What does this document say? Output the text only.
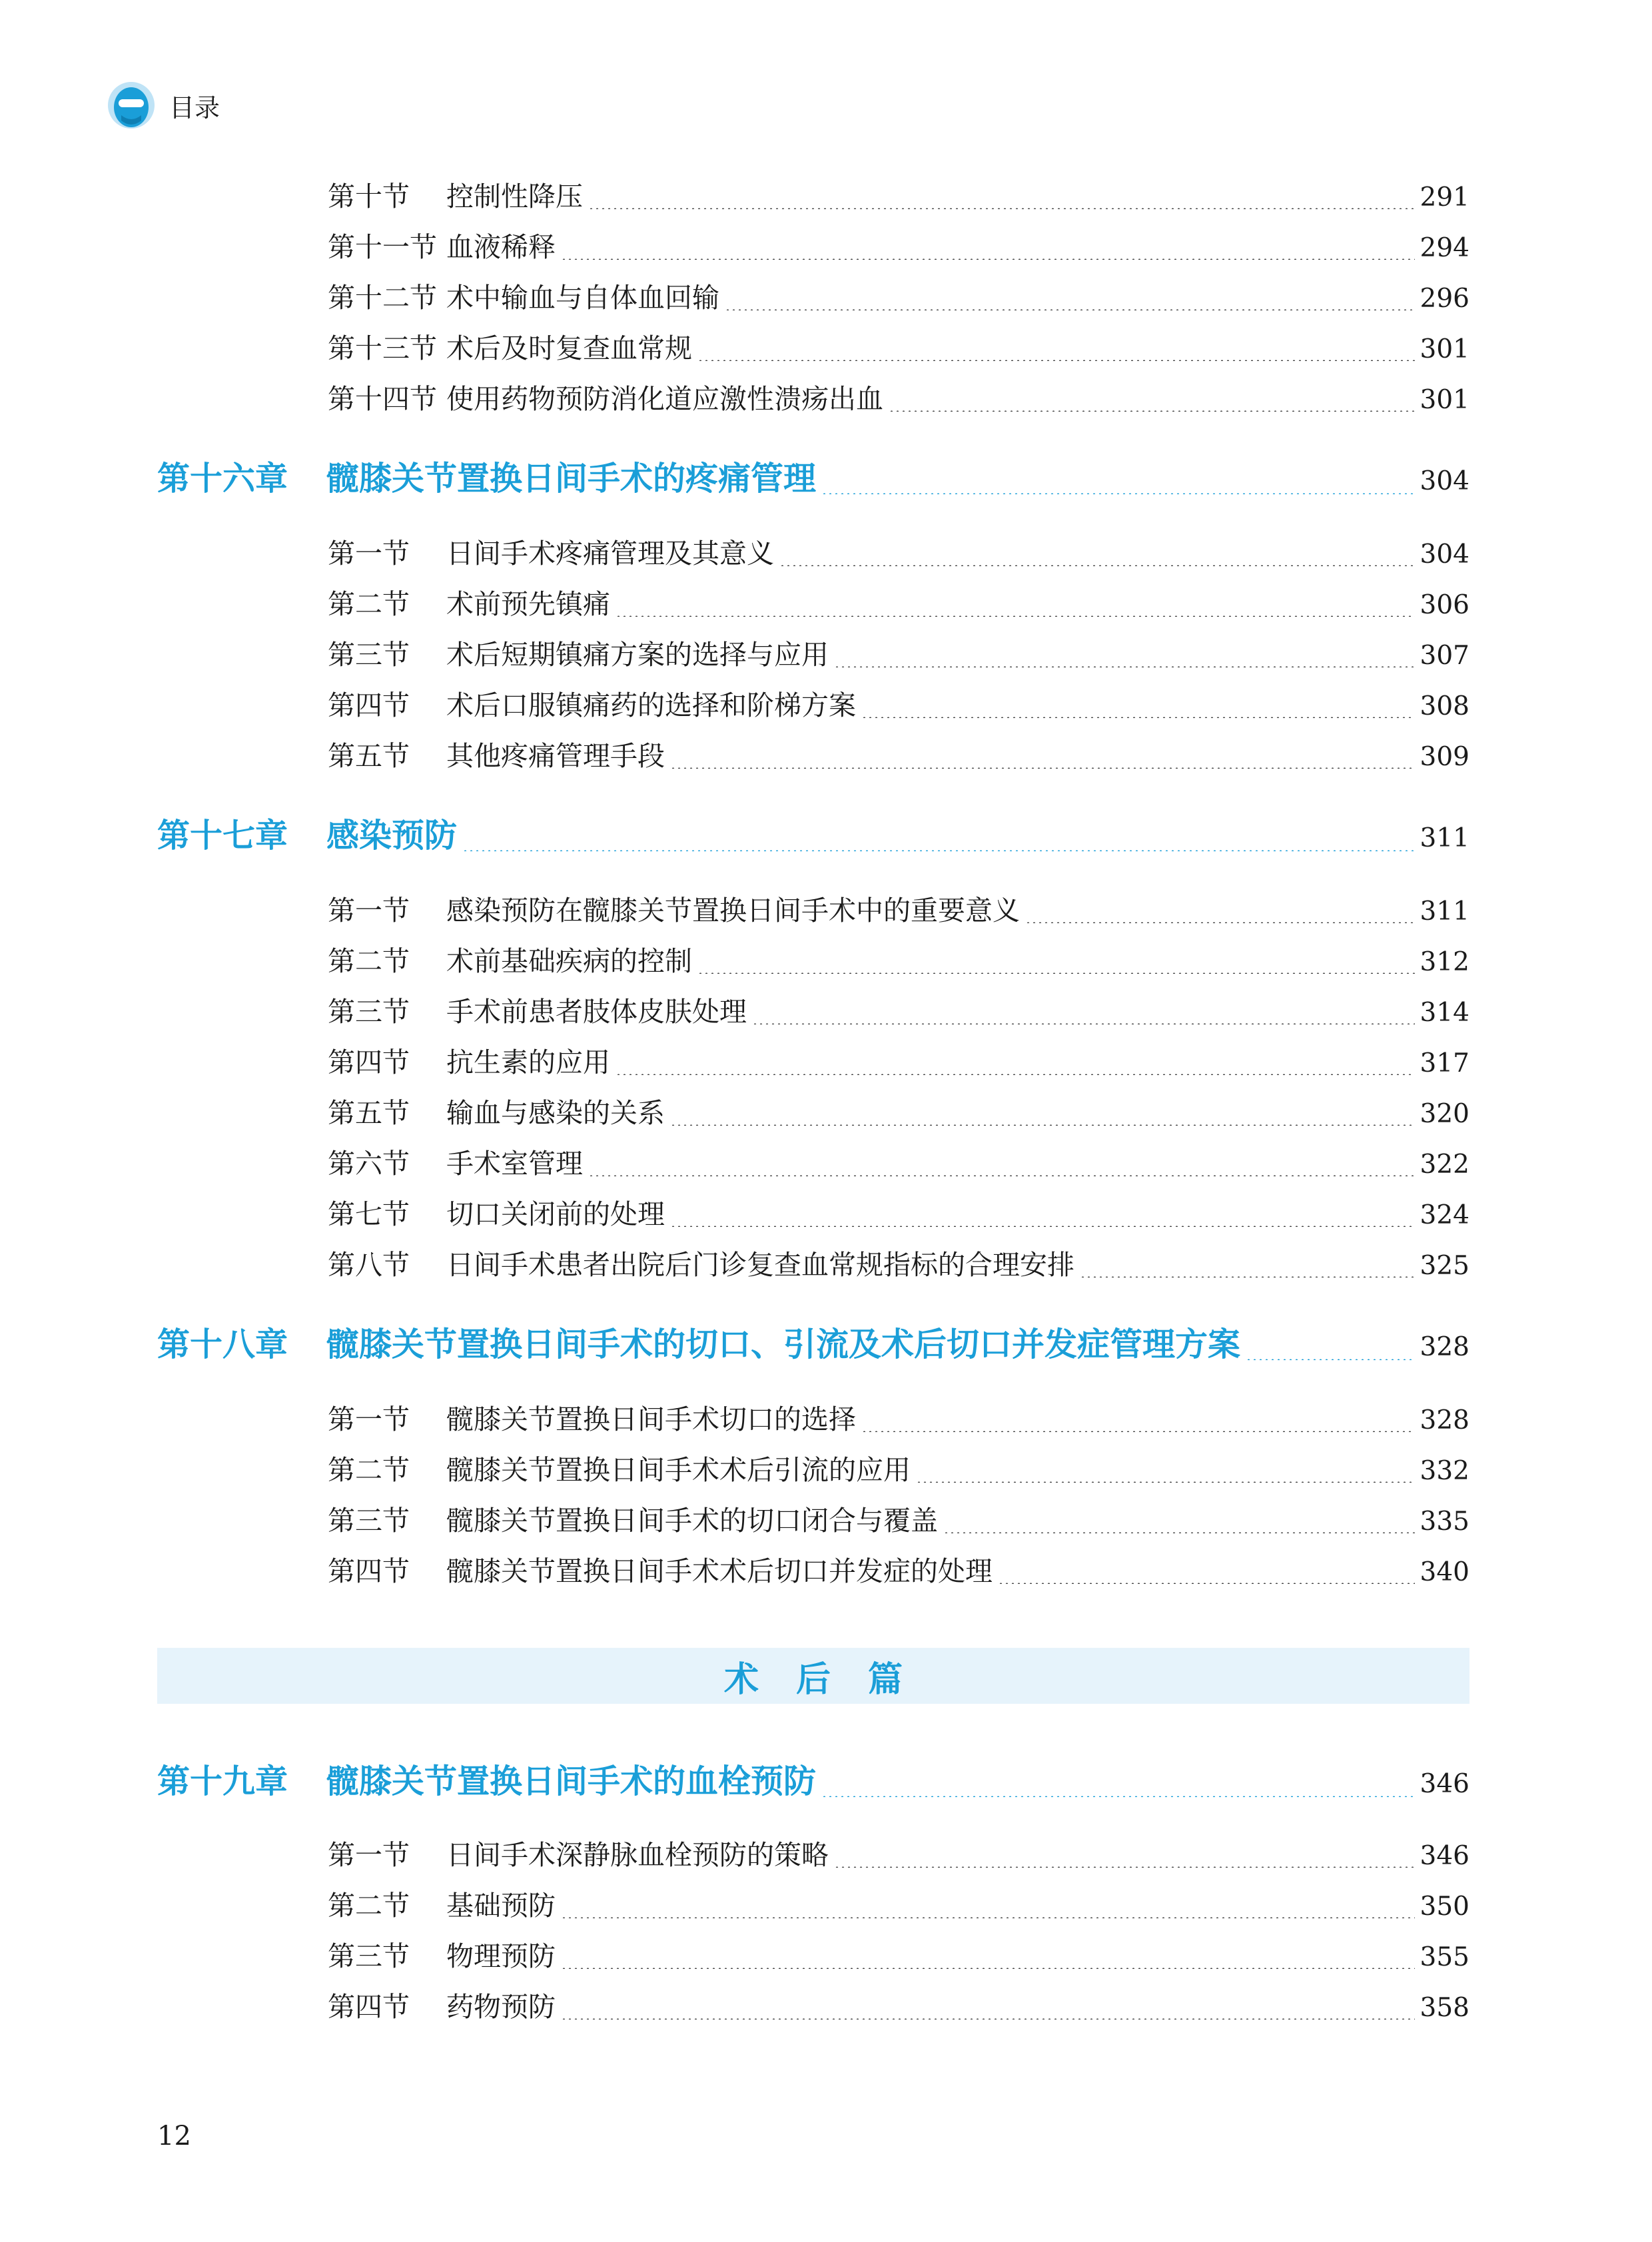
目录
第十节	控制性降压	291
第十一节 血液稀释	294
第十二节 术中输血与自体血回输	296
第十三节 术后及时复查血常规	301
第十四节 使用药物预防消化道应激性溃疡出血	301
第十六章	髋膝关节置换日间手术的疼痛管理	304
第一节	日间手术疼痛管理及其意义	304
第二节	术前预先镇痛	306
第三节	术后短期镇痛方案的选择与应用	307
第四节	术后口服镇痛药的选择和阶梯方案	308
第五节	其他疼痛管理手段	309
第十七章	感染预防	311
第一节	感染预防在髋膝关节置换日间手术中的重要意义	311
第二节	术前基础疾病的控制	312
第三节	手术前患者肢体皮肤处理	314
第四节	抗生素的应用	317
第五节	输血与感染的关系	320
第六节	手术室管理	322
第七节	切口关闭前的处理	324
第八节	日间手术患者出院后门诊复查血常规指标的合理安排	325
第十八章	髋膝关节置换日间手术的切口、引流及术后切口并发症管理方案	328
第一节	髋膝关节置换日间手术切口的选择	328
第二节	髋膝关节置换日间手术术后引流的应用	332
第三节	髋膝关节置换日间手术的切口闭合与覆盖	335
第四节	髋膝关节置换日间手术术后切口并发症的处理	340
术后篇
第十九章	髋膝关节置换日间手术的血栓预防	346
第一节	日间手术深静脉血栓预防的策略	346
第二节	基础预防	350
第三节	物理预防	355
第四节	药物预防	358
12
